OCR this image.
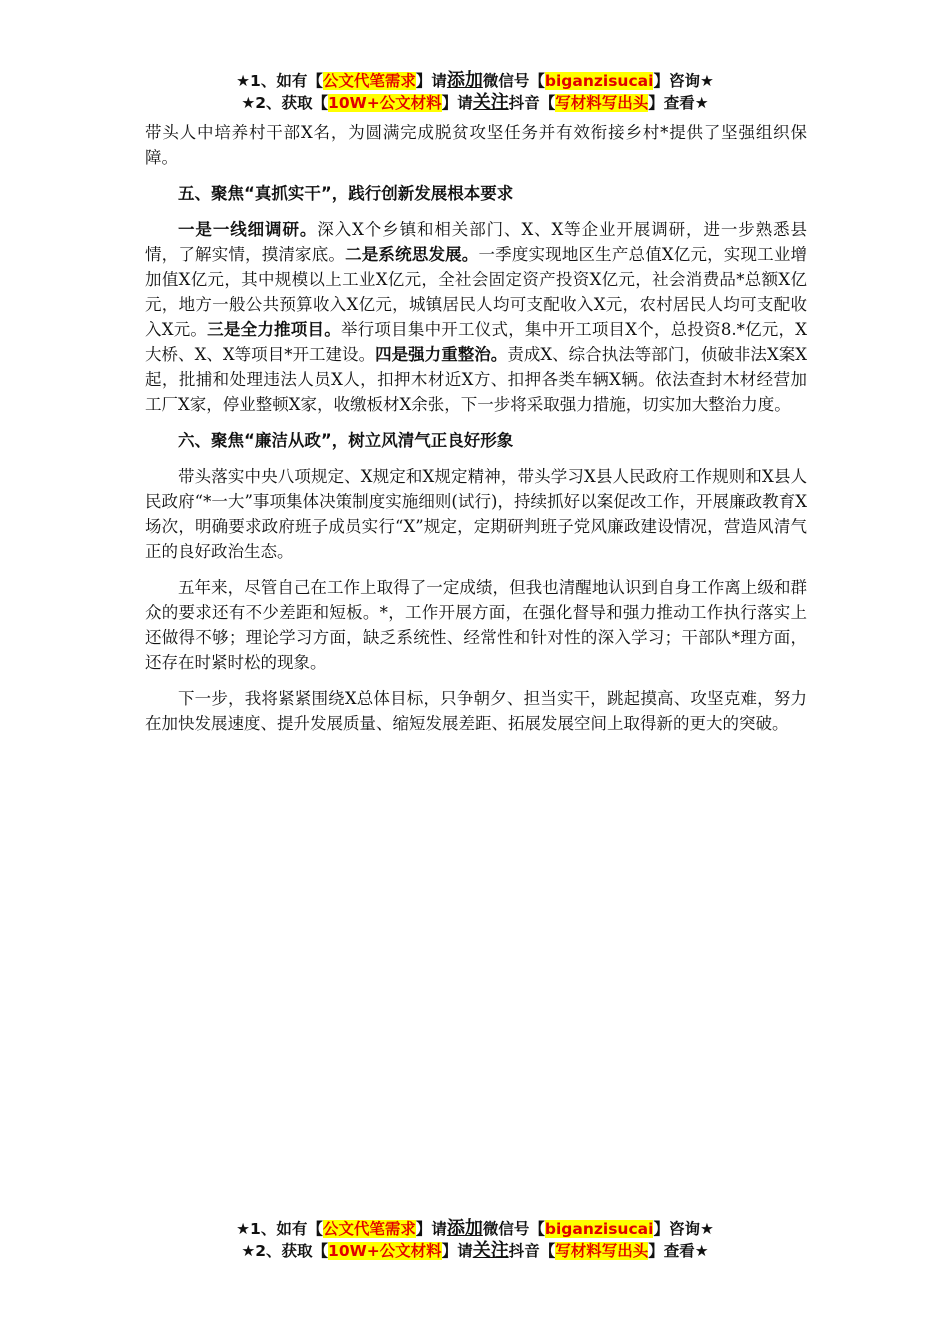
★1、如有【公文代笔需求】请添加微信号【biganzisucai】咨询★
★2、获取【10W+公文材料】请关注抖音【写材料写出头】查看★

带头人中培养村干部X名，为圆满完成脱贫攻坚任务并有效衔接乡村*提供了坚强组织保障。

五、聚焦“真抓实干”，践行创新发展根本要求

一是一线细调研。深入X个乡镇和相关部门、X、X等企业开展调研，进一步熟悉县情，了解实情，摸清家底。二是系统思发展。一季度实现地区生产总值X亿元，实现工业增加值X亿元，其中规模以上工业X亿元，全社会固定资产投资X亿元，社会消费品*总额X亿元，地方一般公共预算收入X亿元，城镇居民人均可支配收入X元，农村居民人均可支配收入X元。三是全力推项目。举行项目集中开工仪式，集中开工项目X个，总投资8.*亿元，X大桥、X、X等项目*开工建设。四是强力重整治。责成X、综合执法等部门，侦破非法X案X起，批捕和处理违法人员X人，扣押木材近X方、扣押各类车辆X辆。依法查封木材经营加工厂X家，停业整顿X家，收缴板材X余张，下一步将采取强力措施，切实加大整治力度。

六、聚焦“廉洁从政”，树立风清气正良好形象

带头落实中央八项规定、X规定和X规定精神，带头学习X县人民政府工作规则和X县人民政府“*一大”事项集体决策制度实施细则(试行)，持续抓好以案促改工作，开展廉政教育X场次，明确要求政府班子成员实行“X”规定，定期研判班子党风廉政建设情况，营造风清气正的良好政治生态。

五年来，尽管自己在工作上取得了一定成绩，但我也清醒地认识到自身工作离上级和群众的要求还有不少差距和短板。*，工作开展方面，在强化督导和强力推动工作执行落实上还做得不够；理论学习方面，缺乏系统性、经常性和针对性的深入学习；干部队*理方面，还存在时紧时松的现象。

下一步，我将紧紧围绕X总体目标，只争朝夕、担当实干，跳起摸高、攻坚克难，努力在加快发展速度、提升发展质量、缩短发展差距、拓展发展空间上取得新的更大的突破。

★1、如有【公文代笔需求】请添加微信号【biganzisucai】咨询★
★2、获取【10W+公文材料】请关注抖音【写材料写出头】查看★
